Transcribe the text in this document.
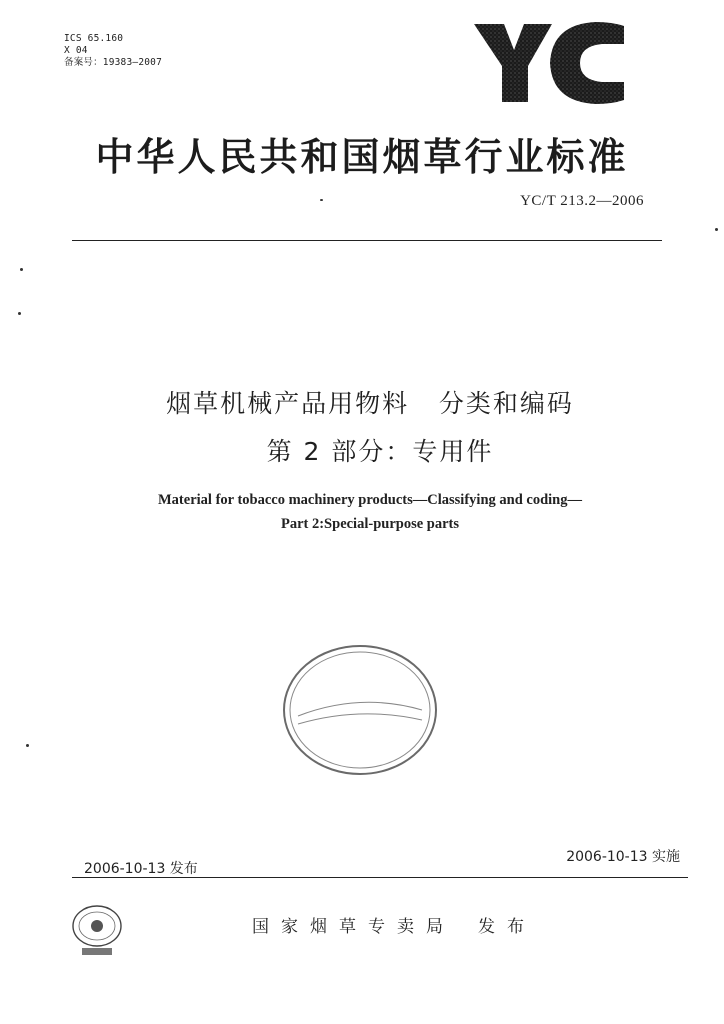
ICS 65.160
X 04
备案号：19383—2007
中华人民共和国烟草行业标准
YC/T 213.2—2006
烟草机械产品用物料   分类和编码
第 2 部分：专用件
Material for tobacco machinery products—Classifying and coding—
Part 2:Special-purpose parts
2006-10-13 发布
2006-10-13 实施
国家烟草专卖局 发布
